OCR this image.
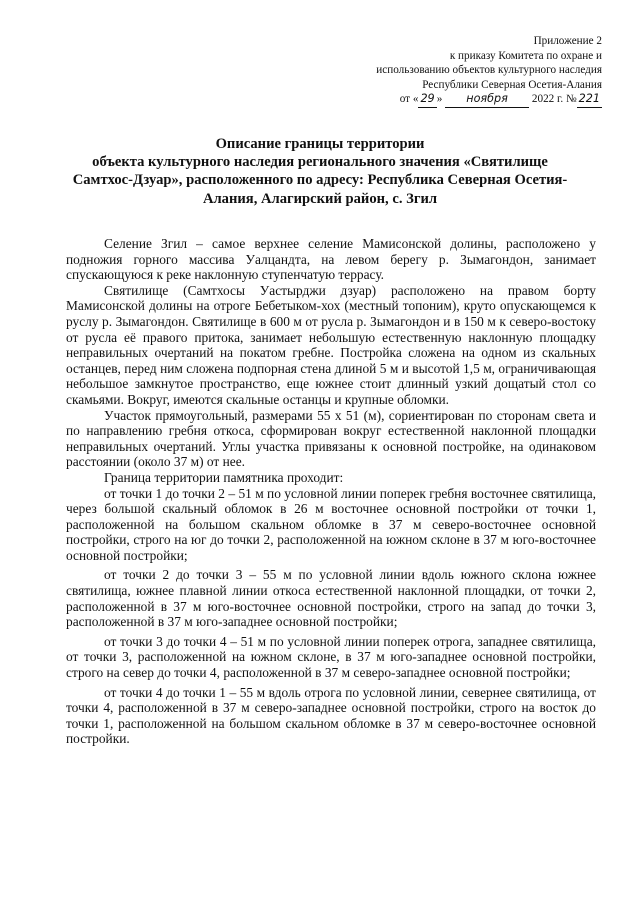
Приложение 2
к приказу Комитета по охране и
использованию объектов культурного наследия
Республики Северная Осетия-Алания
от « 29 » ноября 2022 г. № 221
Описание границы территории
объекта культурного наследия регионального значения «Святилище
Самтхос-Дзуар», расположенного по адресу: Республика Северная Осетия-
Алания, Алагирский район, с. Згил

Селение Згил – самое верхнее селение Мамисонской долины, расположено у подножия горного массива Уалцандта, на левом берегу р. Зымагондон, занимает спускающуюся к реке наклонную ступенчатую террасу.

Святилище (Самтхосы Уастырджи дзуар) расположено на правом борту Мамисонской долины на отроге Бебетыком-хох (местный топоним), круто опускающемся к руслу р. Зымагондон. Святилище в 600 м от русла р. Зымагондон и в 150 м к северо-востоку от русла её правого притока, занимает небольшую естественную наклонную площадку неправильных очертаний на покатом гребне. Постройка сложена на одном из скальных останцев, перед ним сложена подпорная стена длиной 5 м и высотой 1,5 м, ограничивающая небольшое замкнутое пространство, еще южнее стоит длинный узкий дощатый стол со скамьями. Вокруг, имеются скальные останцы и крупные обломки.

Участок прямоугольный, размерами 55 х 51 (м), сориентирован по сторонам света и по направлению гребня откоса, сформирован вокруг естественной наклонной площадки неправильных очертаний. Углы участка привязаны к основной постройке, на одинаковом расстоянии (около 37 м) от нее.

Граница территории памятника проходит:

от точки 1 до точки 2 – 51 м по условной линии поперек гребня восточнее святилища, через большой скальный обломок в 26 м восточнее основной постройки от точки 1, расположенной на большом скальном обломке в 37 м северо-восточнее основной постройки, строго на юг до точки 2, расположенной на южном склоне в 37 м юго-восточнее основной постройки;

от точки 2 до точки 3 – 55 м по условной линии вдоль южного склона южнее святилища, южнее плавной линии откоса естественной наклонной площадки, от точки 2, расположенной в 37 м юго-восточнее основной постройки, строго на запад до точки 3, расположенной в 37 м юго-западнее основной постройки;

от точки 3 до точки 4 – 51 м по условной линии поперек отрога, западнее святилища, от точки 3, расположенной на южном склоне, в 37 м юго-западнее основной постройки, строго на север до точки 4, расположенной в 37 м северо-западнее основной постройки;

от точки 4 до точки 1 – 55 м вдоль отрога по условной линии, севернее святилища, от точки 4, расположенной в 37 м северо-западнее основной постройки, строго на восток до точки 1, расположенной на большом скальном обломке в 37 м северо-восточнее основной постройки.
